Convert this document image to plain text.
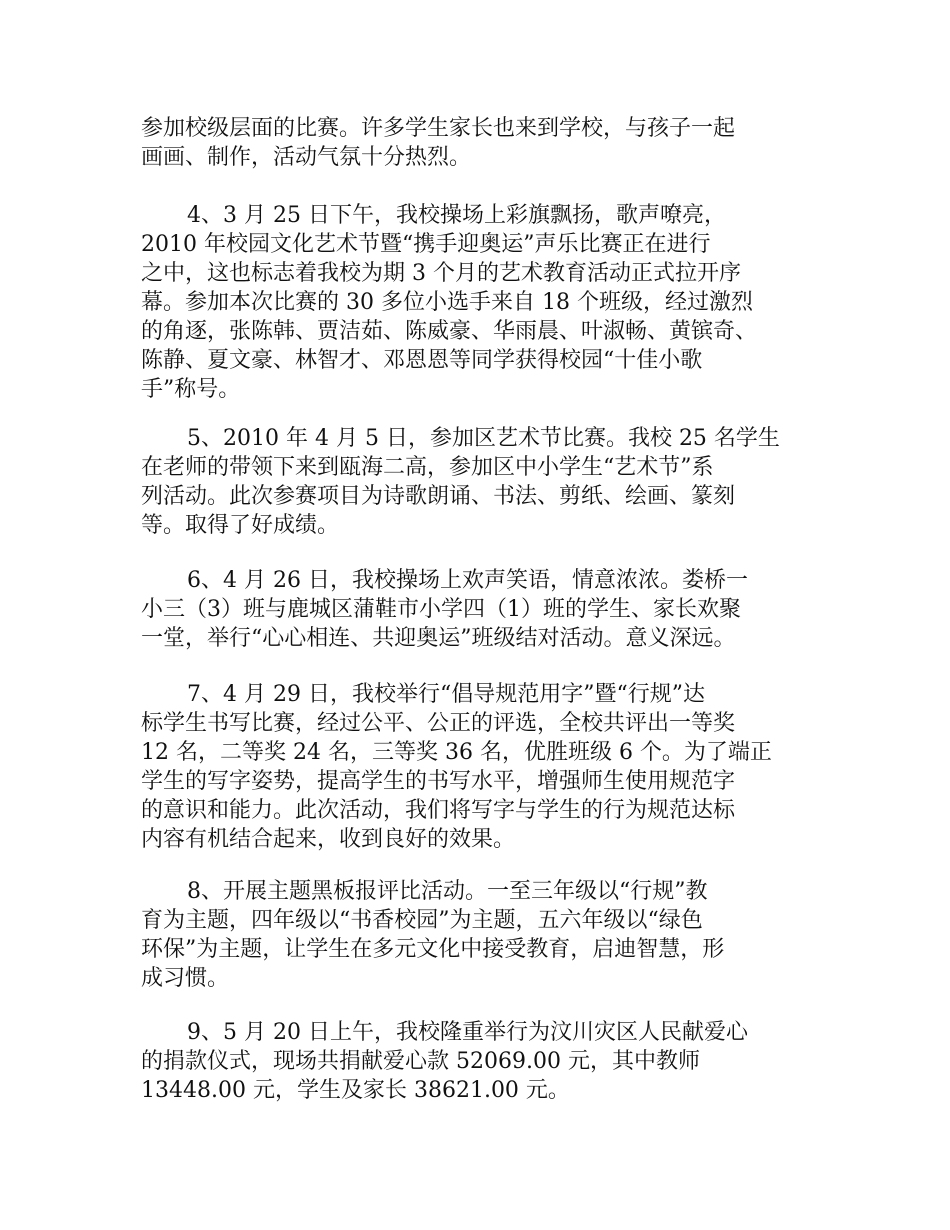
参加校级层面的比赛。许多学生家长也来到学校，与孩子一起
画画、制作，活动气氛十分热烈。
4、3 月 25 日下午，我校操场上彩旗飘扬，歌声嘹亮，
2010 年校园文化艺术节暨“携手迎奥运”声乐比赛正在进行
之中，这也标志着我校为期 3 个月的艺术教育活动正式拉开序
幕。参加本次比赛的 30 多位小选手来自 18 个班级，经过激烈
的角逐，张陈韩、贾洁茹、陈威豪、华雨晨、叶淑畅、黄镔奇、
陈静、夏文豪、林智才、邓恩恩等同学获得校园“十佳小歌
手”称号。
5、2010 年 4 月 5 日，参加区艺术节比赛。我校 25 名学生
在老师的带领下来到瓯海二高，参加区中小学生“艺术节”系
列活动。此次参赛项目为诗歌朗诵、书法、剪纸、绘画、篆刻
等。取得了好成绩。
6、4 月 26 日，我校操场上欢声笑语，情意浓浓。娄桥一
小三（3）班与鹿城区蒲鞋市小学四（1）班的学生、家长欢聚
一堂，举行“心心相连、共迎奥运”班级结对活动。意义深远。
7、4 月 29 日，我校举行“倡导规范用字”暨“行规”达
标学生书写比赛，经过公平、公正的评选，全校共评出一等奖
12 名，二等奖 24 名，三等奖 36 名，优胜班级 6 个。为了端正
学生的写字姿势，提高学生的书写水平，增强师生使用规范字
的意识和能力。此次活动，我们将写字与学生的行为规范达标
内容有机结合起来，收到良好的效果。
8、开展主题黑板报评比活动。一至三年级以“行规”教
育为主题，四年级以“书香校园”为主题，五六年级以“绿色
环保”为主题，让学生在多元文化中接受教育，启迪智慧，形
成习惯。
9、5 月 20 日上午，我校隆重举行为汶川灾区人民献爱心
的捐款仪式，现场共捐献爱心款 52069.00 元，其中教师
13448.00 元，学生及家长 38621.00 元。
